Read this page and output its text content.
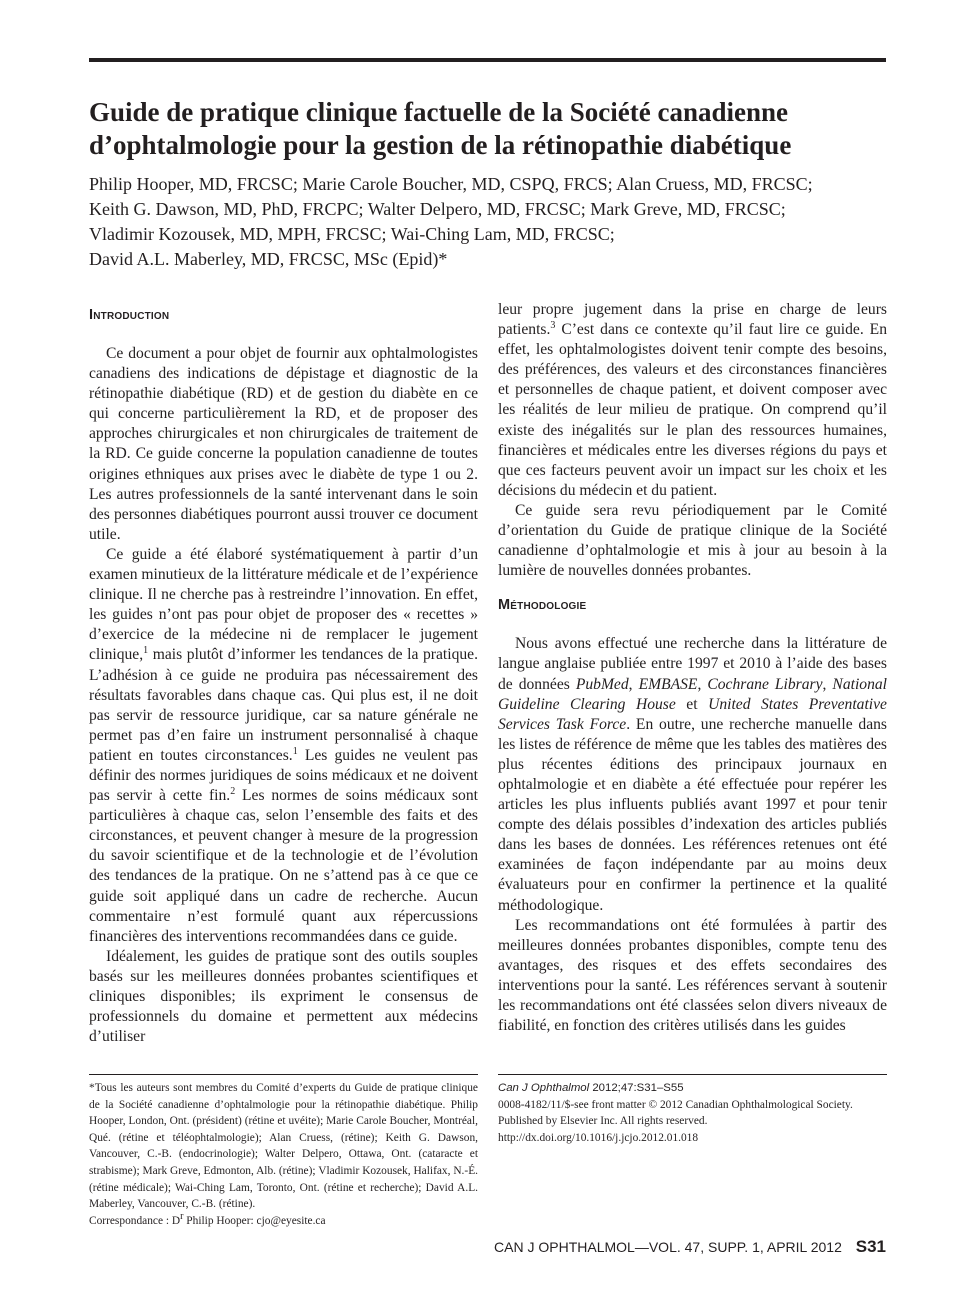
Guide de pratique clinique factuelle de la Société canadienne d’ophtalmologie pour la gestion de la rétinopathie diabétique
Philip Hooper, MD, FRCSC; Marie Carole Boucher, MD, CSPQ, FRCS; Alan Cruess, MD, FRCSC;
Keith G. Dawson, MD, PhD, FRCPC; Walter Delpero, MD, FRCSC; Mark Greve, MD, FRCSC;
Vladimir Kozousek, MD, MPH, FRCSC; Wai-Ching Lam, MD, FRCSC;
David A.L. Maberley, MD, FRCSC, MSc (Epid)*
Introduction

Ce document a pour objet de fournir aux ophtalmologistes canadiens des indications de dépistage et diagnostic de la rétinopathie diabétique (RD) et de gestion du diabète en ce qui concerne particulièrement la RD, et de proposer des approches chirurgicales et non chirurgicales de traitement de la RD. Ce guide concerne la population canadienne de toutes origines ethniques aux prises avec le diabète de type 1 ou 2. Les autres professionnels de la santé intervenant dans le soin des personnes diabétiques pourront aussi trouver ce document utile.

Ce guide a été élaboré systématiquement à partir d’un examen minutieux de la littérature médicale et de l’expérience clinique. Il ne cherche pas à restreindre l’innovation. En effet, les guides n’ont pas pour objet de proposer des « recettes » d’exercice de la médecine ni de remplacer le jugement clinique,$^1$ mais plutôt d’informer les tendances de la pratique. L’adhésion à ce guide ne produira pas nécessairement des résultats favorables dans chaque cas. Qui plus est, il ne doit pas servir de ressource juridique, car sa nature générale ne permet pas d’en faire un instrument personnalisé à chaque patient en toutes circonstances.$^1$ Les guides ne veulent pas définir des normes juridiques de soins médicaux et ne doivent pas servir à cette fin.$^2$ Les normes de soins médicaux sont particulières à chaque cas, selon l’ensemble des faits et des circonstances, et peuvent changer à mesure de la progression du savoir scientifique et de la technologie et de l’évolution des tendances de la pratique. On ne s’attend pas à ce que ce guide soit appliqué dans un cadre de recherche. Aucun commentaire n’est formulé quant aux répercussions financières des interventions recommandées dans ce guide.

Idéalement, les guides de pratique sont des outils souples basés sur les meilleures données probantes scientifiques et cliniques disponibles; ils expriment le consensus de professionnels du domaine et permettent aux médecins d’utiliser

leur propre jugement dans la prise en charge de leurs patients.$^3$ C’est dans ce contexte qu’il faut lire ce guide. En effet, les ophtalmologistes doivent tenir compte des besoins, des préférences, des valeurs et des circonstances financières et personnelles de chaque patient, et doivent composer avec les réalités de leur milieu de pratique. On comprend qu’il existe des inégalités sur le plan des ressources humaines, financières et médicales entre les diverses régions du pays et que ces facteurs peuvent avoir un impact sur les choix et les décisions du médecin et du patient.

Ce guide sera revu périodiquement par le Comité d’orientation du Guide de pratique clinique de la Société canadienne d’ophtalmologie et mis à jour au besoin à la lumière de nouvelles données probantes.

Méthodologie

Nous avons effectué une recherche dans la littérature de langue anglaise publiée entre 1997 et 2010 à l’aide des bases de données PubMed, EMBASE, Cochrane Library, National Guideline Clearing House et United States Preventative Services Task Force. En outre, une recherche manuelle dans les listes de référence de même que les tables des matières des plus récentes éditions des principaux journaux en ophtalmologie et en diabète a été effectuée pour repérer les articles les plus influents publiés avant 1997 et pour tenir compte des délais possibles d’indexation des articles publiés dans les bases de données. Les références retenues ont été examinées de façon indépendante par au moins deux évaluateurs pour en confirmer la pertinence et la qualité méthodologique.

Les recommandations ont été formulées à partir des meilleures données probantes disponibles, compte tenu des avantages, des risques et des effets secondaires des interventions pour la santé. Les références servant à soutenir les recommandations ont été classées selon divers niveaux de fiabilité, en fonction des critères utilisés dans les guides

*Tous les auteurs sont membres du Comité d’experts du Guide de pratique clinique de la Société canadienne d’ophtalmologie pour la rétinopathie diabétique. Philip Hooper, London, Ont. (président) (rétine et uvéite); Marie Carole Boucher, Montréal, Qué. (rétine et téléophtalmologie); Alan Cruess, (rétine); Keith G. Dawson, Vancouver, C.-B. (endocrinologie); Walter Delpero, Ottawa, Ont. (cataracte et strabisme); Mark Greve, Edmonton, Alb. (rétine); Vladimir Kozousek, Halifax, N.-É. (rétine médicale); Wai-Ching Lam, Toronto, Ont. (rétine et recherche); David A.L. Maberley, Vancouver, C.-B. (rétine).

Correspondance : $D^r$ Philip Hooper: cjo@eyesite.ca

Can J Ophthalmol 2012;47:S31–S55

0008-4182/11/$-see front matter © 2012 Canadian Ophthalmological Society. Published by Elsevier Inc. All rights reserved.

http://dx.doi.org/10.1016/j.jcjo.2012.01.018

CAN J OPHTHALMOL—VOL. 47, SUPP. 1, APRIL 2012 S31
